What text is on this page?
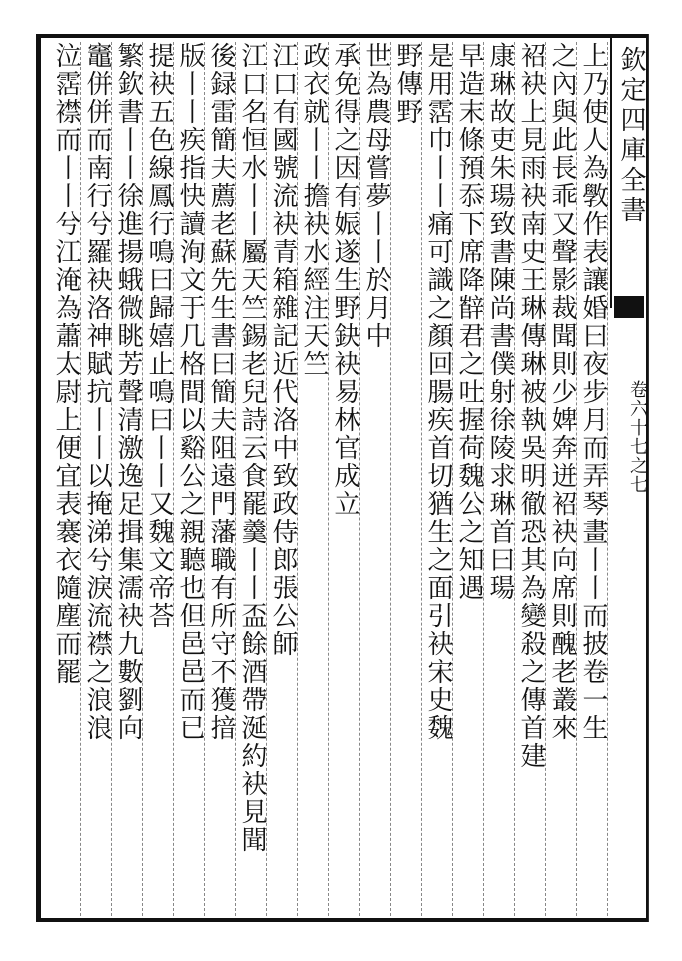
欽定四庫全書
卷六十七之七
上乃使人為斆作表讓婚曰夜步月而弄琴畫丨丨而披卷一生
之內與此長乖又聲影裁聞則少婢奔迸袑袂向席則醜老叢來
袑袂上見雨袂南史王琳傳琳被執吳明徹恐其為變殺之傳首建
康琳故吏朱瑒致書陳尚書僕射徐陵求琳首曰瑒
早造末條預忝下席降辥君之吐握荷魏公之知遇
是用霑巾丨丨痛可識之顏回腸疾首切猶生之面引袂宋史魏
野傳野
世為農母嘗夢丨丨於月中
承免得之因有娠遂生野鈌袂易林官成立
政衣就丨丨擔袂水經注天竺
江口有國號流袂青箱雜記近代洛中致政侍郎張公師
江口名恒水丨丨屬天竺錫老兒詩云食罷羹丨丨盃餘酒帶涎約袂見聞
後録雷簡夫薦老蘇先生書曰簡夫阻遠門藩職有所守不獲揞
版丨丨疾指快讀洵文于几格間以谿公之親聽也但邑邑而已
提袂五色線鳳行鳴曰歸嬉止鳴曰丨丨又魏文帝荅
繁欽書丨丨徐進揚蛾微眺芳聲清激逸足揖集濡袂九數劉向
竈併併而南行兮羅袂洛神賦抗丨丨以掩涕兮淚流襟之浪浪
泣霑襟而丨丨兮江淹為蕭太尉上便宜表褰衣隨塵而罷
